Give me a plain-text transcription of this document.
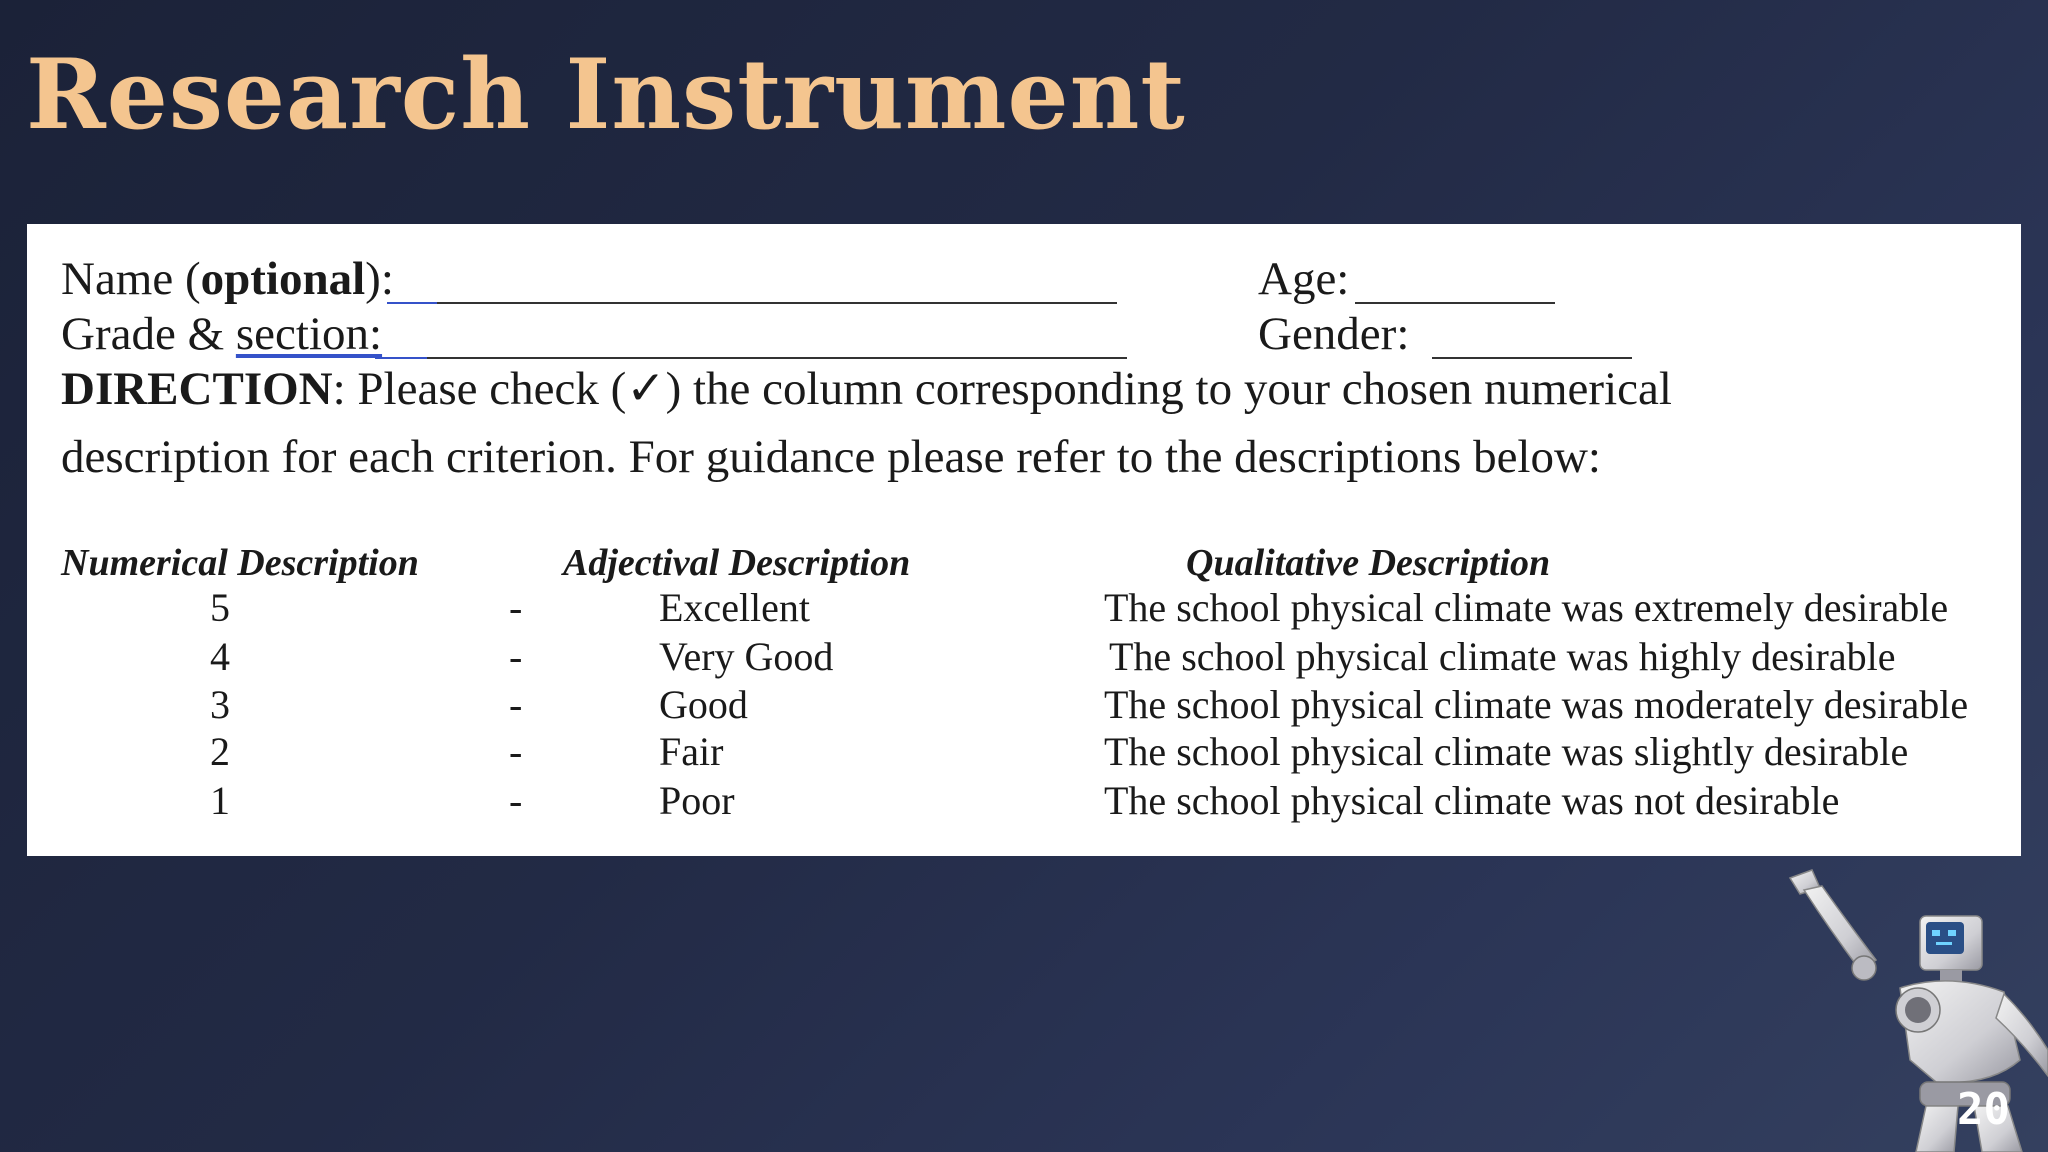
Research Instrument
Name (optional):	Age:
Grade & section:	Gender:
DIRECTION: Please check (✓) the column corresponding to your chosen numerical
description for each criterion. For guidance please refer to the descriptions below:
Numerical Description	Adjectival Description	Qualitative Description
5	-	Excellent	The school physical climate was extremely desirable
4	-	Very Good	The school physical climate was highly desirable
3	-	Good	The school physical climate was moderately desirable
2	-	Fair	The school physical climate was slightly desirable
1	-	Poor	The school physical climate was not desirable
20
